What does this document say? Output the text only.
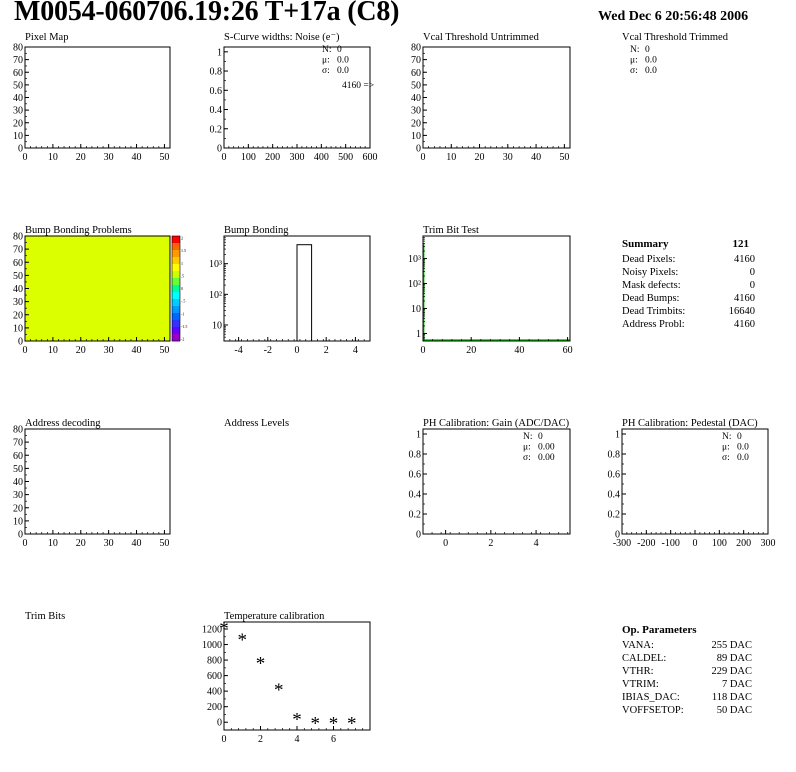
M0054-060706.19:26 T+17a (C8)	Wed Dec 6 20:56:48 2006
Pixel Map
0 10 20 30 40 50
0
10
20
30
40
50
60
70
80
Vcal Threshold Untrimmed
0 10 20 30 40 50
0
10
20
30
40
50
60
70
80
Address decoding
0 10 20 30 40 50
0
10
20
30
40
50
60
70
80
S-Curve widths: Noise (e⁻)
0 100 200 300 400 500 600
0
0.2
0.4
0.6
0.8
1	N: 0
μ: 0.0
σ: 0.0
4160 =>
Vcal Threshold Trimmed
N: 0
μ: 0.0
σ: 0.0
Bump Bonding Problems
0 10 20 30 40 50
0
10
20
30
40
50
60
70
80	2
1.5
1
.5
0
-.5
-1
-1.5
-2
Bump Bonding
-4 -2 0 2 4
10
10²
10³
Trim Bit Test
0	20	40	60
1
10
10²
10³
Address Levels
Trim Bits
PH Calibration: Gain (ADC/DAC)
0	2	4
0
0.2
0.4
0.6
0.8
1	N: 0
μ: 0.00
σ: 0.00
PH Calibration: Pedestal (DAC)
-300 -200 -100 0 100 200 300
0
0.2
0.4
0.6
0.8
1	N: 0
μ: 0.0
σ: 0.0
Temperature calibration
0	2	4	6
0
200
400
600
800
1000
1200
*
*
*
*
* * * *
Summary	121
Dead Pixels:	4160
Noisy Pixels:	0
Mask defects:	0
Dead Bumps:	4160
Dead Trimbits:	16640
Address Probl:	4160
Op. Parameters
VANA:	255 DAC
CALDEL:	89 DAC
VTHR:	229 DAC
VTRIM:	7 DAC
IBIAS_DAC:	118 DAC
VOFFSETOP:	50 DAC
